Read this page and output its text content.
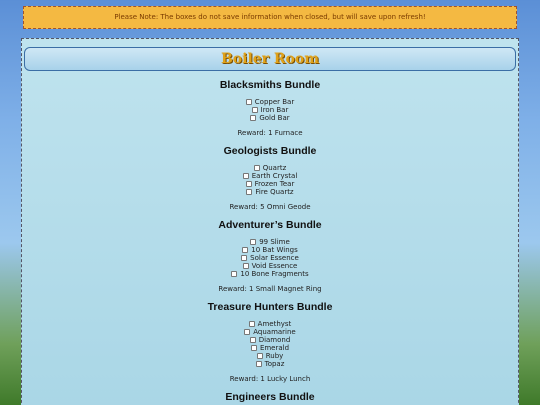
Please Note: The boxes do not save information when closed, but will save upon refresh!
Boiler Room
Blacksmiths Bundle
Copper Bar
Iron Bar
Gold Bar
Reward: 1 Furnace
Geologists Bundle
Quartz
Earth Crystal
Frozen Tear
Fire Quartz
Reward: 5 Omni Geode
Adventurer’s Bundle
99 Slime
10 Bat Wings
Solar Essence
Void Essence
10 Bone Fragments
Reward: 1 Small Magnet Ring
Treasure Hunters Bundle
Amethyst
Aquamarine
Diamond
Emerald
Ruby
Topaz
Reward: 1 Lucky Lunch
Engineers Bundle
